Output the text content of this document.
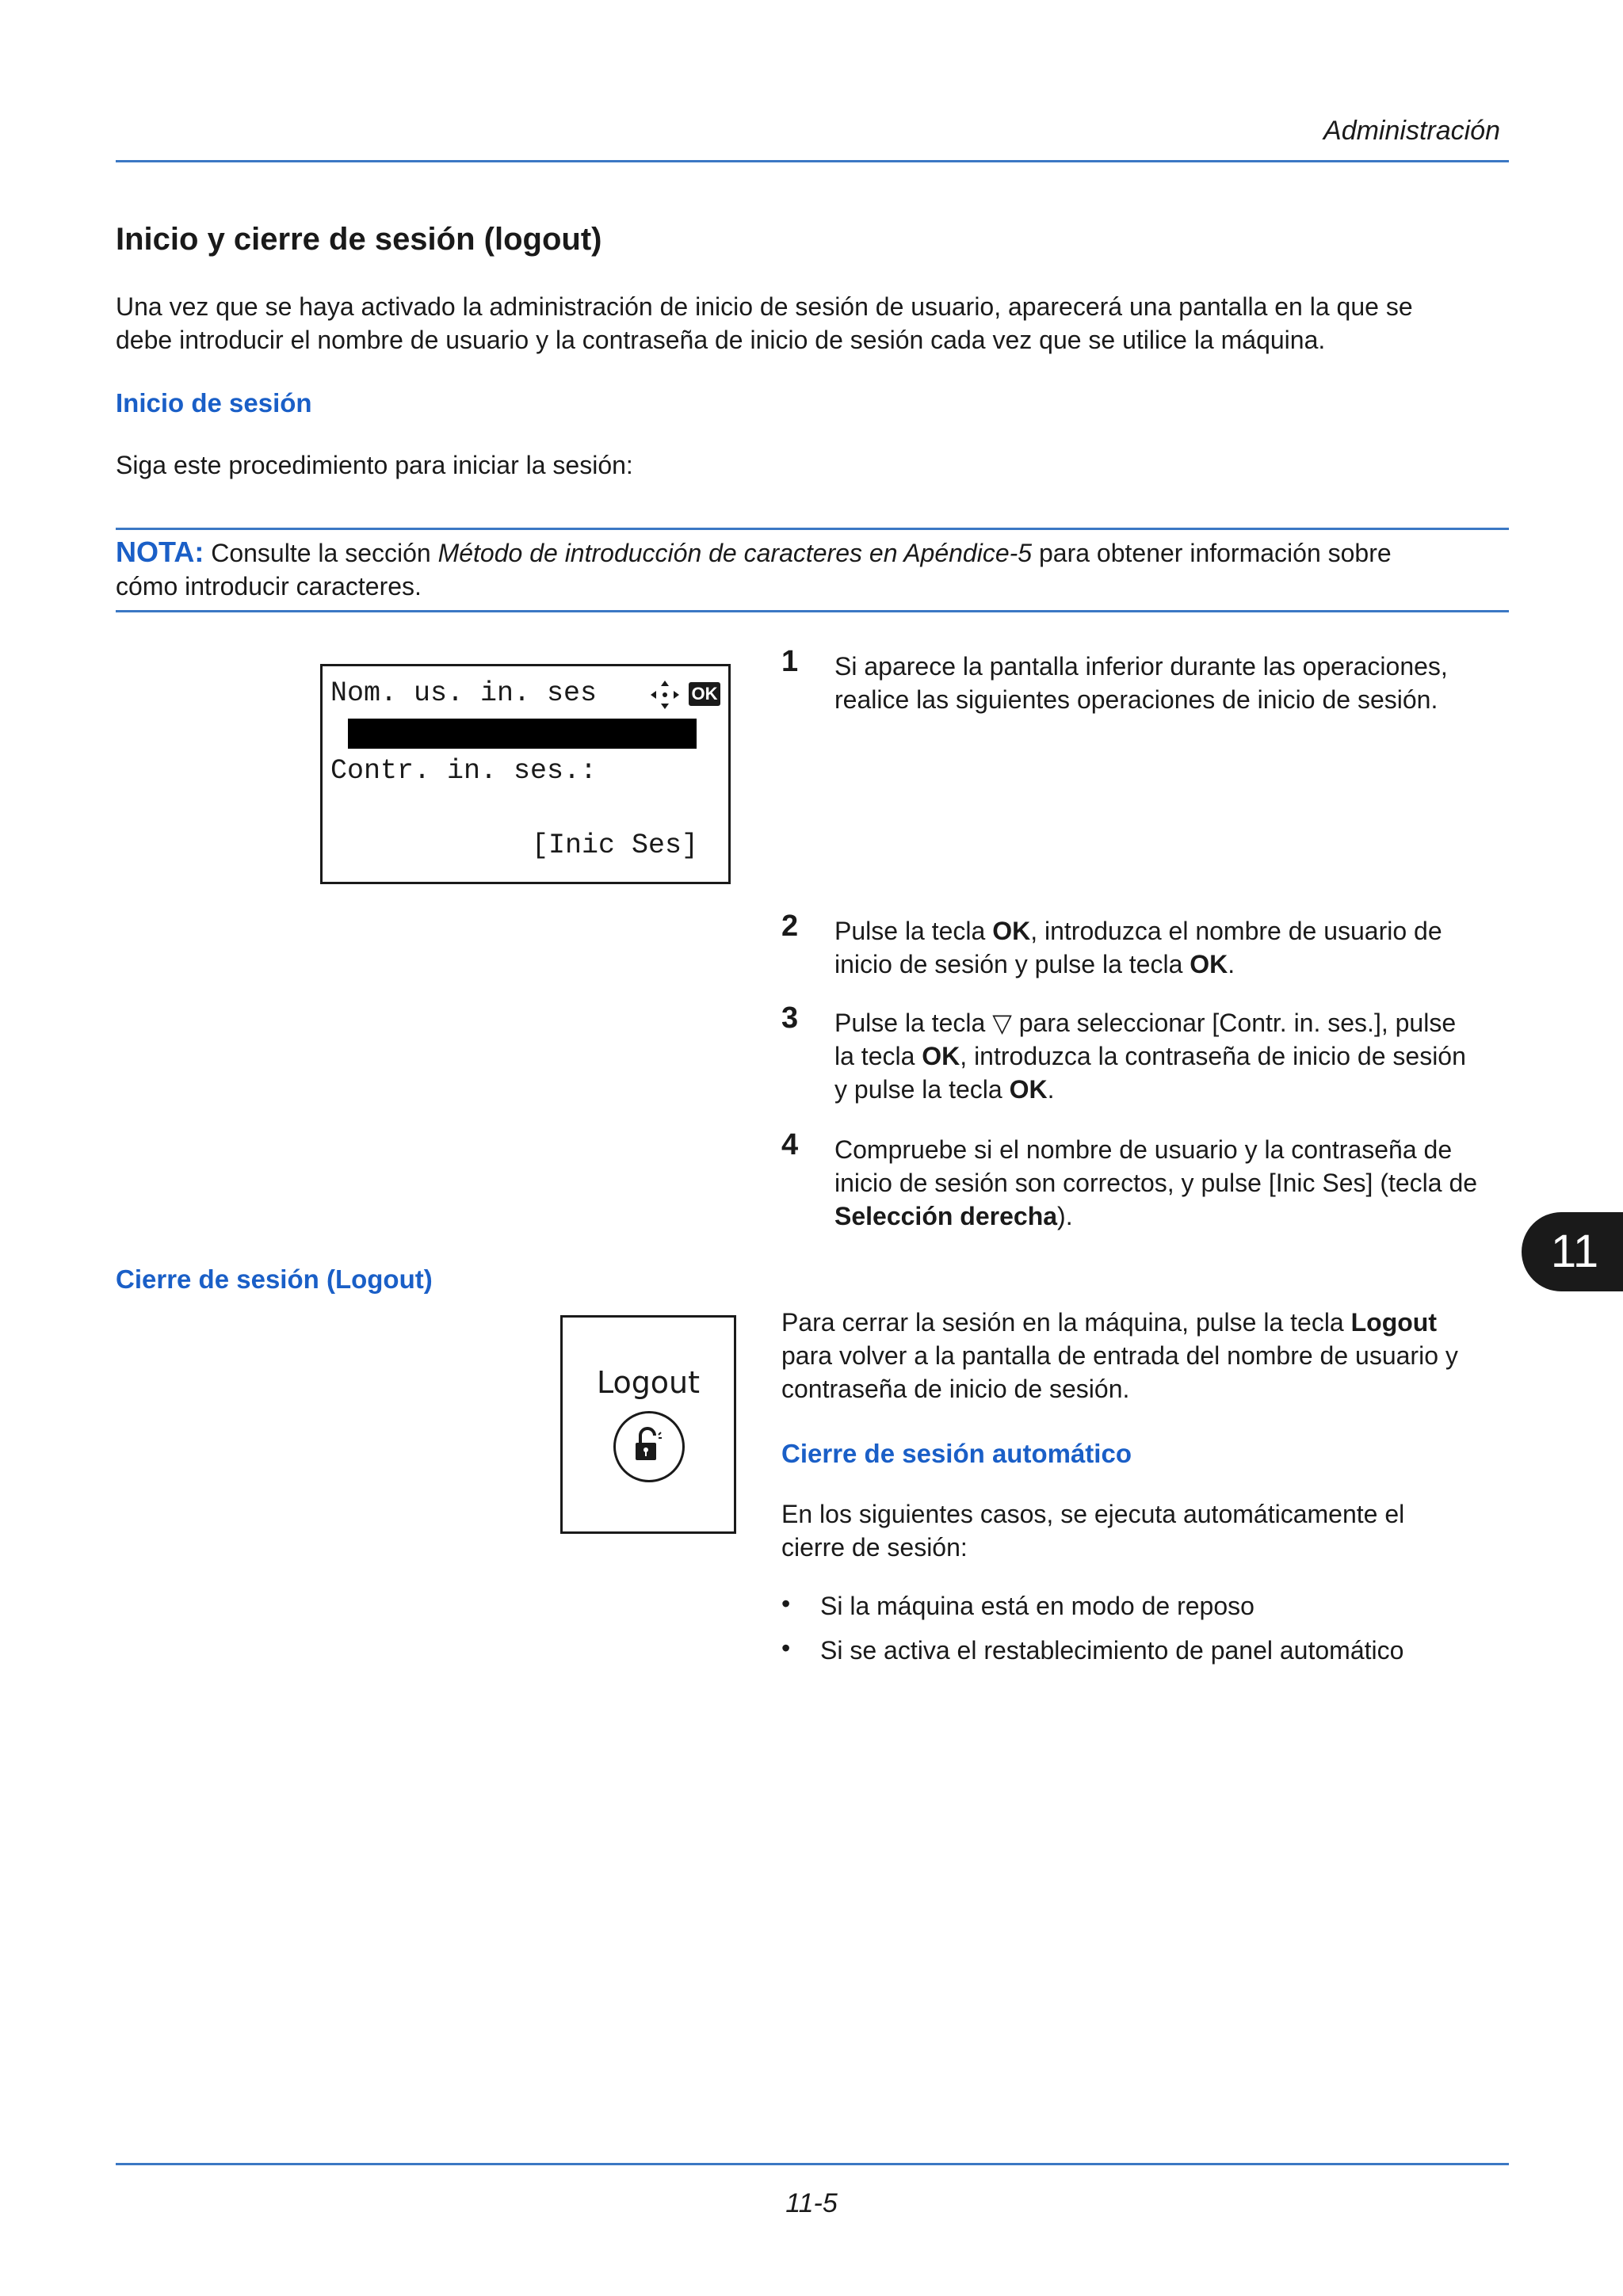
Administración
Inicio y cierre de sesión (logout)
Una vez que se haya activado la administración de inicio de sesión de usuario, aparecerá una pantalla en la que se
debe introducir el nombre de usuario y la contraseña de inicio de sesión cada vez que se utilice la máquina.
Inicio de sesión
Siga este procedimiento para iniciar la sesión:
NOTA: Consulte la sección Método de introducción de caracteres en Apéndice-5 para obtener información sobre
cómo introducir caracteres.
Nom. us. in. ses	OK
Contr. in. ses.:
[Inic Ses]
1 Si aparece la pantalla inferior durante las operaciones,
realice las siguientes operaciones de inicio de sesión.
2 Pulse la tecla OK, introduzca el nombre de usuario de
inicio de sesión y pulse la tecla OK.
3 Pulse la tecla ▽ para seleccionar [Contr. in. ses.], pulse
la tecla OK, introduzca la contraseña de inicio de sesión
y pulse la tecla OK.
4 Compruebe si el nombre de usuario y la contraseña de
inicio de sesión son correctos, y pulse [Inic Ses] (tecla de
Selección derecha).
11
Cierre de sesión (Logout)
Logout
Para cerrar la sesión en la máquina, pulse la tecla Logout
para volver a la pantalla de entrada del nombre de usuario y
contraseña de inicio de sesión.
Cierre de sesión automático
En los siguientes casos, se ejecuta automáticamente el
cierre de sesión:
• Si la máquina está en modo de reposo
• Si se activa el restablecimiento de panel automático
11-5
